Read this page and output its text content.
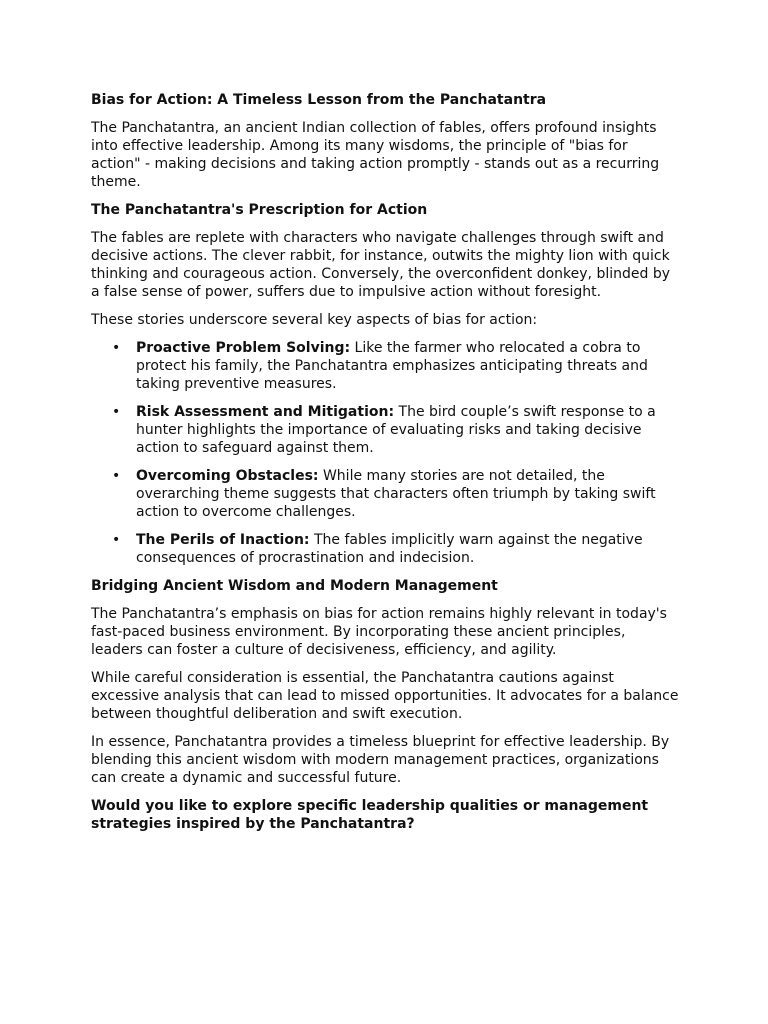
Bias for Action: A Timeless Lesson from the Panchatantra

The Panchatantra, an ancient Indian collection of fables, offers profound insights into effective leadership. Among its many wisdoms, the principle of "bias for action" - making decisions and taking action promptly - stands out as a recurring theme.

The Panchatantra's Prescription for Action

The fables are replete with characters who navigate challenges through swift and decisive actions. The clever rabbit, for instance, outwits the mighty lion with quick thinking and courageous action. Conversely, the overconfident donkey, blinded by a false sense of power, suffers due to impulsive action without foresight.

These stories underscore several key aspects of bias for action:

• Proactive Problem Solving: Like the farmer who relocated a cobra to protect his family, the Panchatantra emphasizes anticipating threats and taking preventive measures.
• Risk Assessment and Mitigation: The bird couple’s swift response to a hunter highlights the importance of evaluating risks and taking decisive action to safeguard against them.
• Overcoming Obstacles: While many stories are not detailed, the overarching theme suggests that characters often triumph by taking swift action to overcome challenges.
• The Perils of Inaction: The fables implicitly warn against the negative consequences of procrastination and indecision.
Bridging Ancient Wisdom and Modern Management

The Panchatantra’s emphasis on bias for action remains highly relevant in today's fast-paced business environment. By incorporating these ancient principles, leaders can foster a culture of decisiveness, efficiency, and agility.

While careful consideration is essential, the Panchatantra cautions against excessive analysis that can lead to missed opportunities. It advocates for a balance between thoughtful deliberation and swift execution.

In essence, Panchatantra provides a timeless blueprint for effective leadership. By blending this ancient wisdom with modern management practices, organizations can create a dynamic and successful future.

Would you like to explore specific leadership qualities or management strategies inspired by the Panchatantra?
